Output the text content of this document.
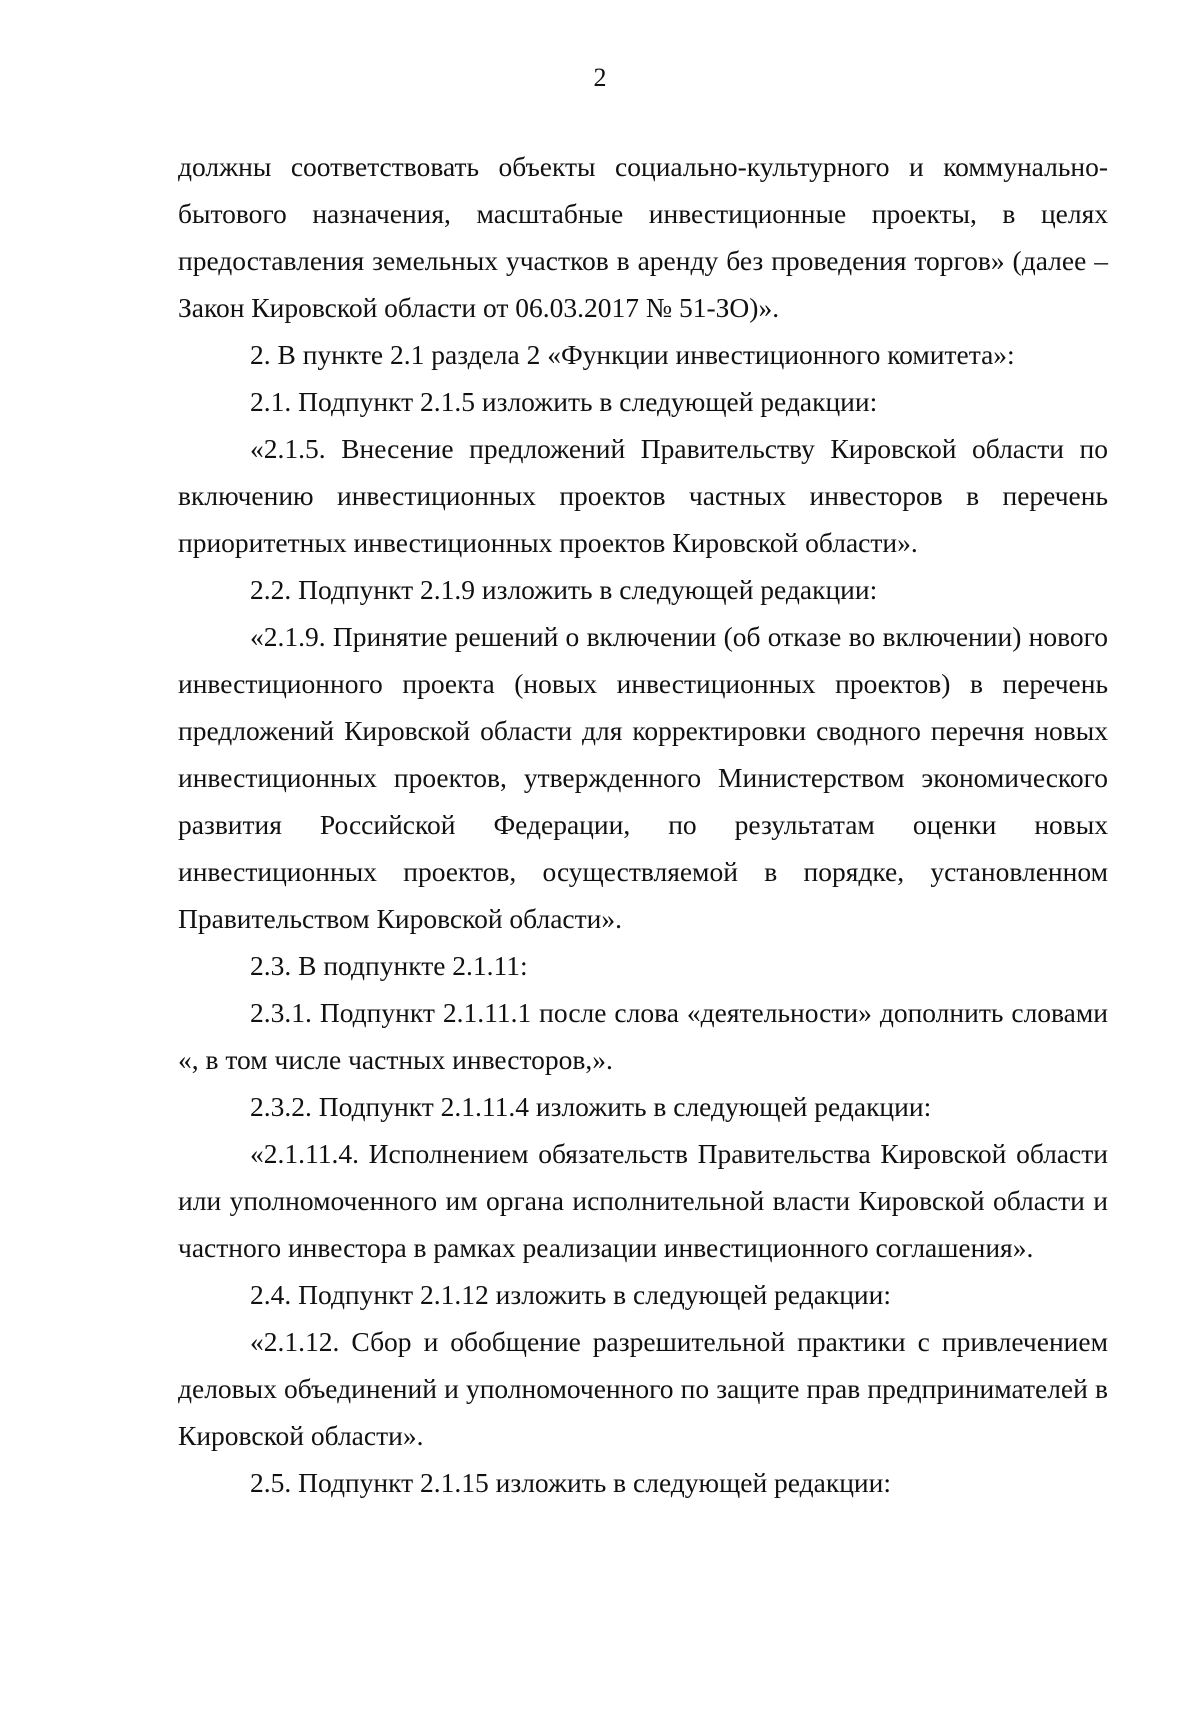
2

должны соответствовать объекты социально-культурного и коммунально-бытового назначения, масштабные инвестиционные проекты, в целях предоставления земельных участков в аренду без проведения торгов» (далее – Закон Кировской области от 06.03.2017 № 51-ЗО)».

2. В пункте 2.1 раздела 2 «Функции инвестиционного комитета»:

2.1. Подпункт 2.1.5 изложить в следующей редакции:

«2.1.5. Внесение предложений Правительству Кировской области по включению инвестиционных проектов частных инвесторов в перечень приоритетных инвестиционных проектов Кировской области».

2.2. Подпункт 2.1.9 изложить в следующей редакции:

«2.1.9. Принятие решений о включении (об отказе во включении) нового инвестиционного проекта (новых инвестиционных проектов) в перечень предложений Кировской области для корректировки сводного перечня новых инвестиционных проектов, утвержденного Министерством экономического развития Российской Федерации, по результатам оценки новых инвестиционных проектов, осуществляемой в порядке, установленном Правительством Кировской области».

2.3. В подпункте 2.1.11:

2.3.1. Подпункт 2.1.11.1 после слова «деятельности» дополнить словами «, в том числе частных инвесторов,».

2.3.2. Подпункт 2.1.11.4 изложить в следующей редакции:

«2.1.11.4. Исполнением обязательств Правительства Кировской области или уполномоченного им органа исполнительной власти Кировской области и частного инвестора в рамках реализации инвестиционного соглашения».

2.4. Подпункт 2.1.12 изложить в следующей редакции:

«2.1.12. Сбор и обобщение разрешительной практики с привлечением деловых объединений и уполномоченного по защите прав предпринимателей в Кировской области».

2.5. Подпункт 2.1.15 изложить в следующей редакции:
